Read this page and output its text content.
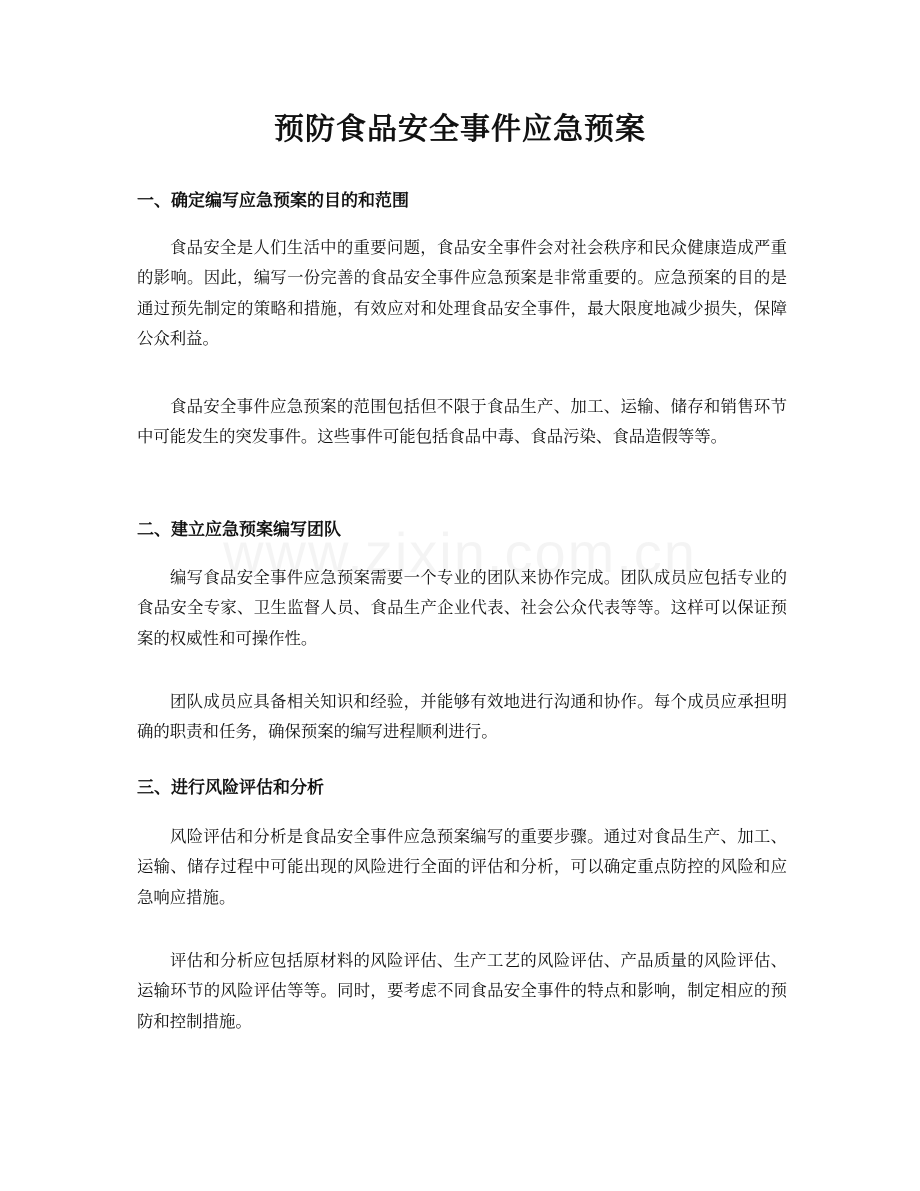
预防食品安全事件应急预案
一、确定编写应急预案的目的和范围

食品安全是人们生活中的重要问题，食品安全事件会对社会秩序和民众健康造成严重的影响。因此，编写一份完善的食品安全事件应急预案是非常重要的。应急预案的目的是通过预先制定的策略和措施，有效应对和处理食品安全事件，最大限度地减少损失，保障公众利益。

食品安全事件应急预案的范围包括但不限于食品生产、加工、运输、储存和销售环节中可能发生的突发事件。这些事件可能包括食品中毒、食品污染、食品造假等等。

二、建立应急预案编写团队

编写食品安全事件应急预案需要一个专业的团队来协作完成。团队成员应包括专业的食品安全专家、卫生监督人员、食品生产企业代表、社会公众代表等等。这样可以保证预案的权威性和可操作性。

团队成员应具备相关知识和经验，并能够有效地进行沟通和协作。每个成员应承担明确的职责和任务，确保预案的编写进程顺利进行。

三、进行风险评估和分析

风险评估和分析是食品安全事件应急预案编写的重要步骤。通过对食品生产、加工、运输、储存过程中可能出现的风险进行全面的评估和分析，可以确定重点防控的风险和应急响应措施。

评估和分析应包括原材料的风险评估、生产工艺的风险评估、产品质量的风险评估、运输环节的风险评估等等。同时，要考虑不同食品安全事件的特点和影响，制定相应的预防和控制措施。
